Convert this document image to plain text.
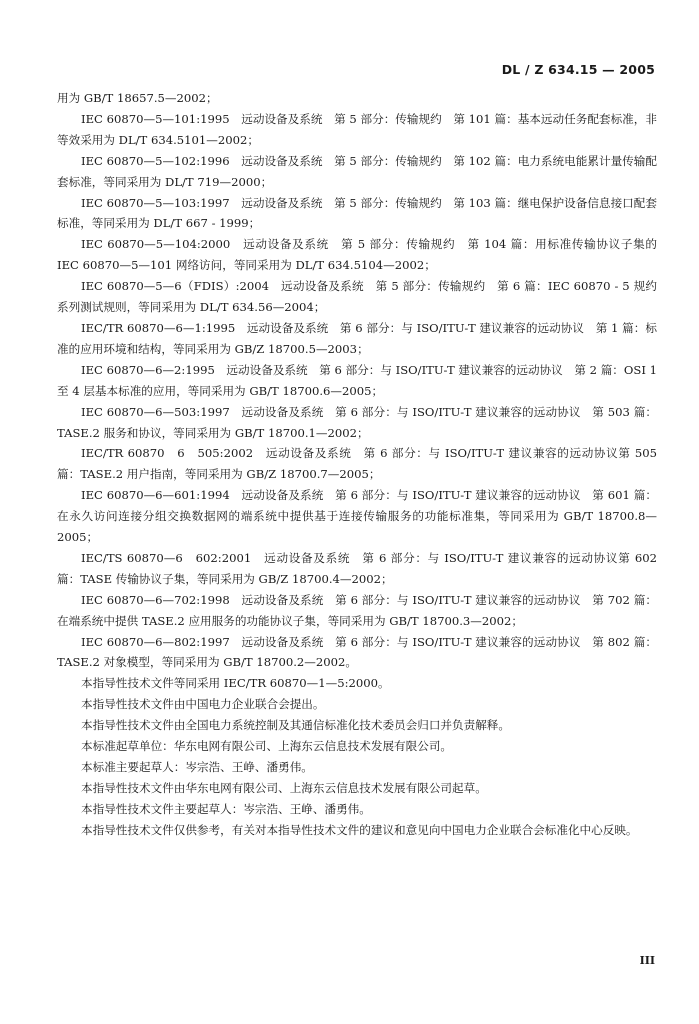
DL / Z 634.15 — 2005

用为 GB/T 18657.5—2002；

IEC 60870—5—101:1995　远动设备及系统　第 5 部分：传输规约　第 101 篇：基本远动任务配套标准，非等效采用为 DL/T 634.5101—2002；

IEC 60870—5—102:1996　远动设备及系统　第 5 部分：传输规约　第 102 篇：电力系统电能累计量传输配套标准，等同采用为 DL/T 719—2000；

IEC 60870—5—103:1997　远动设备及系统　第 5 部分：传输规约　第 103 篇：继电保护设备信息接口配套标准，等同采用为 DL/T 667 - 1999；

IEC 60870—5—104:2000　远动设备及系统　第 5 部分：传输规约　第 104 篇：用标准传输协议子集的 IEC 60870—5—101 网络访问，等同采用为 DL/T 634.5104—2002；

IEC 60870—5—6（FDIS）:2004　远动设备及系统　第 5 部分：传输规约　第 6 篇：IEC 60870 - 5 规约系列测试规则，等同采用为 DL/T 634.56—2004；

IEC/TR 60870—6—1:1995　远动设备及系统　第 6 部分：与 ISO/ITU-T 建议兼容的远动协议　第 1 篇：标准的应用环境和结构，等同采用为 GB/Z 18700.5—2003；

IEC 60870—6—2:1995　远动设备及系统　第 6 部分：与 ISO/ITU-T 建议兼容的远动协议　第 2 篇：OSI 1 至 4 层基本标准的应用，等同采用为 GB/T 18700.6—2005；

IEC 60870—6—503:1997　远动设备及系统　第 6 部分：与 ISO/ITU-T 建议兼容的远动协议　第 503 篇：TASE.2 服务和协议，等同采用为 GB/T 18700.1—2002；

IEC/TR 60870　6　505:2002　远动设备及系统　第 6 部分：与 ISO/ITU-T 建议兼容的远动协议第 505 篇：TASE.2 用户指南，等同采用为 GB/Z 18700.7—2005；

IEC 60870—6—601:1994　远动设备及系统　第 6 部分：与 ISO/ITU-T 建议兼容的远动协议　第 601 篇：在永久访问连接分组交换数据网的端系统中提供基于连接传输服务的功能标准集，等同采用为 GB/T 18700.8—2005；

IEC/TS 60870—6　602:2001　远动设备及系统　第 6 部分：与 ISO/ITU-T 建议兼容的远动协议第 602 篇：TASE 传输协议子集，等同采用为 GB/Z 18700.4—2002；

IEC 60870—6—702:1998　远动设备及系统　第 6 部分：与 ISO/ITU-T 建议兼容的远动协议　第 702 篇：在端系统中提供 TASE.2 应用服务的功能协议子集，等同采用为 GB/T 18700.3—2002；

IEC 60870—6—802:1997　远动设备及系统　第 6 部分：与 ISO/ITU-T 建议兼容的远动协议　第 802 篇：TASE.2 对象模型，等同采用为 GB/T 18700.2—2002。

本指导性技术文件等同采用 IEC/TR 60870—1—5:2000。

本指导性技术文件由中国电力企业联合会提出。

本指导性技术文件由全国电力系统控制及其通信标准化技术委员会归口并负责解释。

本标准起草单位：华东电网有限公司、上海东云信息技术发展有限公司。

本标准主要起草人：岑宗浩、王峥、潘勇伟。

本指导性技术文件由华东电网有限公司、上海东云信息技术发展有限公司起草。

本指导性技术文件主要起草人：岑宗浩、王峥、潘勇伟。

本指导性技术文件仅供参考，有关对本指导性技术文件的建议和意见向中国电力企业联合会标准化中心反映。

III
